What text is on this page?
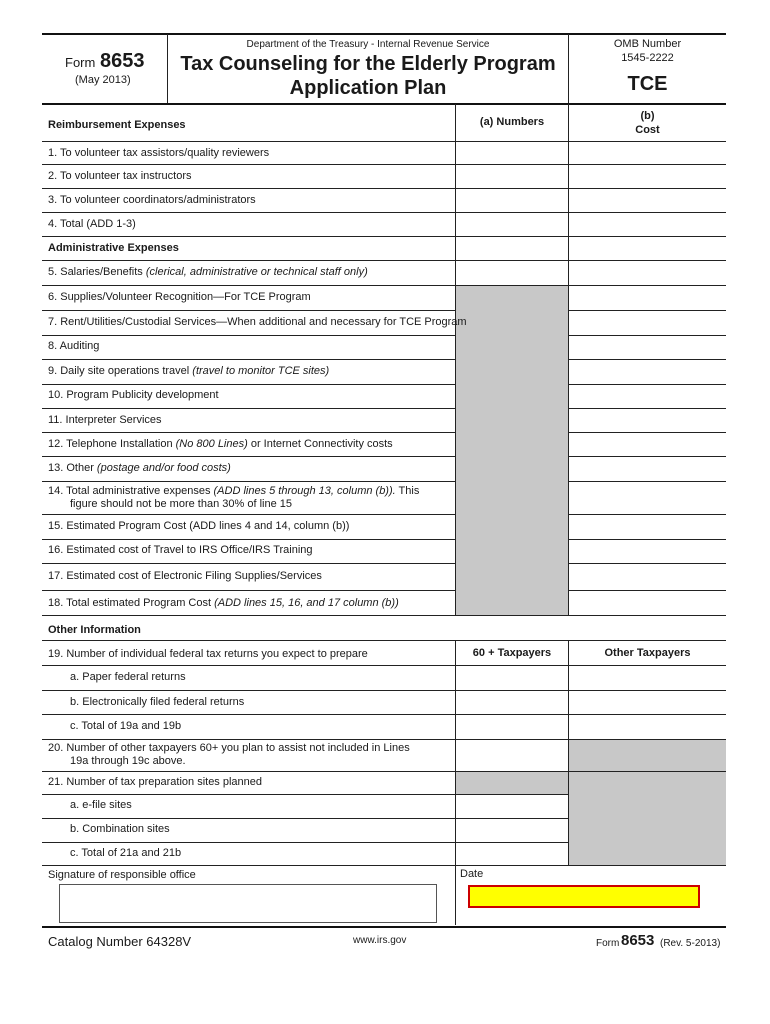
Form 8653
(May 2013)
Department of the Treasury - Internal Revenue Service
Tax Counseling for the Elderly Program
Application Plan
OMB Number
1545-2222
TCE
Reimbursement Expenses	(a) Numbers	(b)
Cost
1. To volunteer tax assistors/quality reviewers
2. To volunteer tax instructors
3. To volunteer coordinators/administrators
4. Total (ADD 1-3)
Administrative Expenses
5. Salaries/Benefits (clerical, administrative or technical staff only)
6. Supplies/Volunteer Recognition—For TCE Program
7. Rent/Utilities/Custodial Services—When additional and necessary for TCE Program
8. Auditing
9. Daily site operations travel (travel to monitor TCE sites)
10. Program Publicity development
11. Interpreter Services
12. Telephone Installation (No 800 Lines) or Internet Connectivity costs
13. Other (postage and/or food costs)
14. Total administrative expenses (ADD lines 5 through 13, column (b)). This
figure should not be more than 30% of line 15
15. Estimated Program Cost (ADD lines 4 and 14, column (b))
16. Estimated cost of Travel to IRS Office/IRS Training
17. Estimated cost of Electronic Filing Supplies/Services
18. Total estimated Program Cost (ADD lines 15, 16, and 17 column (b))
Other Information
19. Number of individual federal tax returns you expect to prepare	60 + Taxpayers	Other Taxpayers
a. Paper federal returns
b. Electronically filed federal returns
c. Total of 19a and 19b
20. Number of other taxpayers 60+ you plan to assist not included in Lines
19a through 19c above.
21. Number of tax preparation sites planned
a. e-file sites
b. Combination sites
c. Total of 21a and 21b
Signature of responsible office	Date
Catalog Number 64328V	www.irs.gov	Form 8653 (Rev. 5-2013)
